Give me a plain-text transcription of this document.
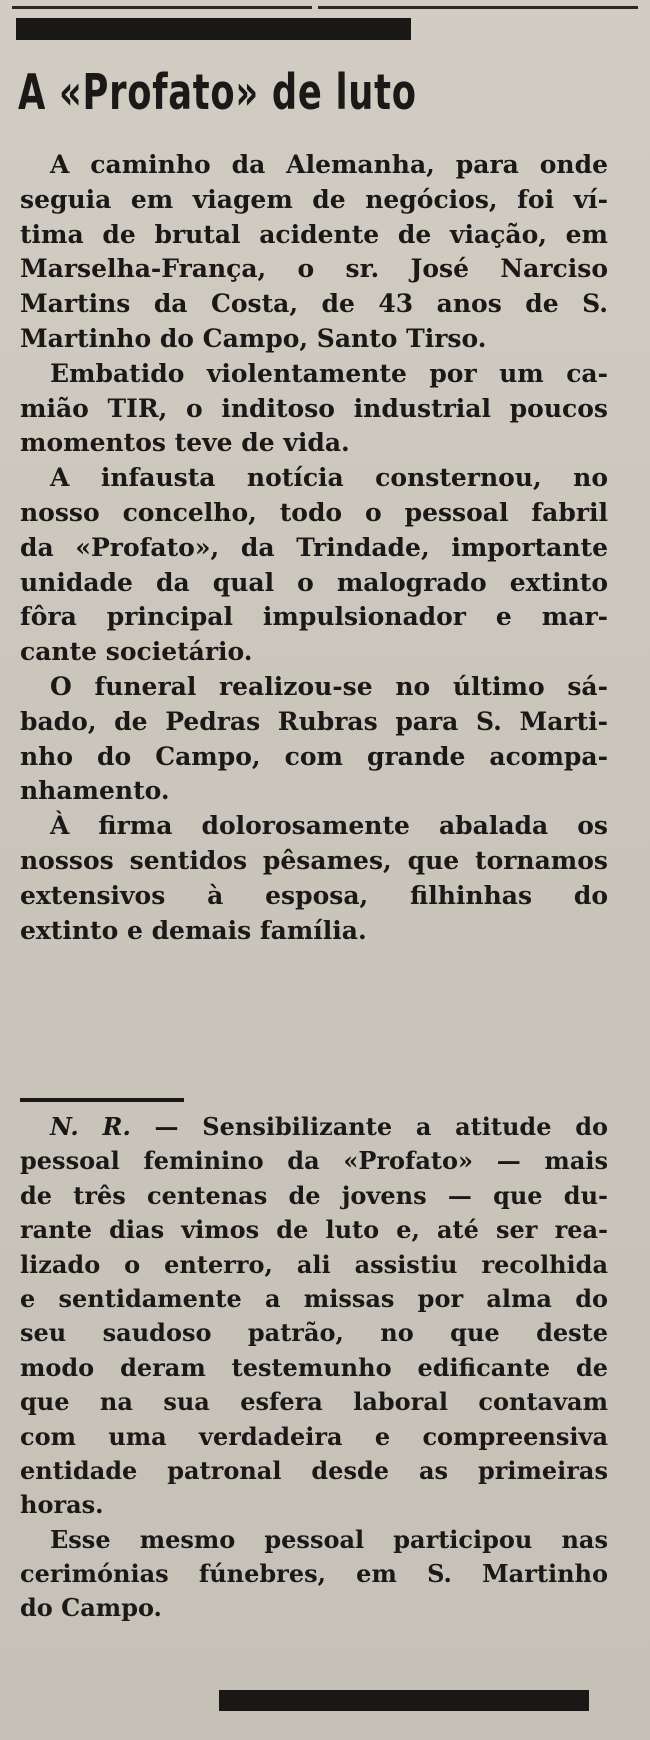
A «Profato» de luto
A caminho da Alemanha, para onde
seguia em viagem de negócios, foi ví-
tima de brutal acidente de viação, em
Marselha-França, o sr. José Narciso
Martins da Costa, de 43 anos de S.
Martinho do Campo, Santo Tirso.
Embatido violentamente por um ca-
mião TIR, o inditoso industrial poucos
momentos teve de vida.
A infausta notícia consternou, no
nosso concelho, todo o pessoal fabril
da «Profato», da Trindade, importante
unidade da qual o malogrado extinto
fôra principal impulsionador e mar-
cante societário.
O funeral realizou-se no último sá-
bado, de Pedras Rubras para S. Marti-
nho do Campo, com grande acompa-
nhamento.
À firma dolorosamente abalada os
nossos sentidos pêsames, que tornamos
extensivos à esposa, filhinhas do
extinto e demais família.
N. R. — Sensibilizante a atitude do
pessoal feminino da «Profato» — mais
de três centenas de jovens — que du-
rante dias vimos de luto e, até ser rea-
lizado o enterro, ali assistiu recolhida
e sentidamente a missas por alma do
seu saudoso patrão, no que deste
modo deram testemunho edificante de
que na sua esfera laboral contavam
com uma verdadeira e compreensiva
entidade patronal desde as primeiras
horas.
Esse mesmo pessoal participou nas
cerimónias fúnebres, em S. Martinho
do Campo.
